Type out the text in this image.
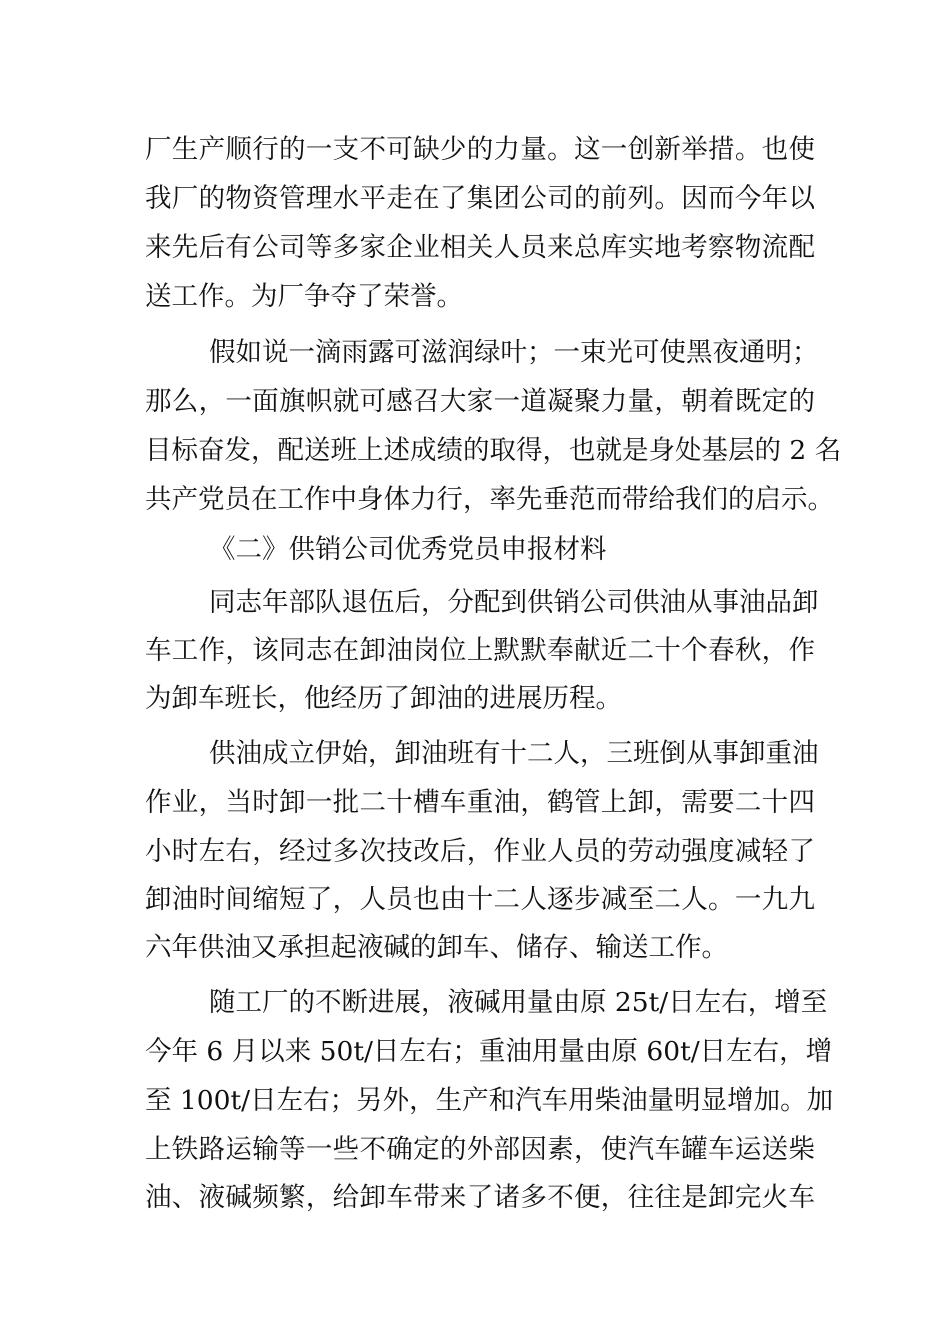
厂生产顺行的一支不可缺少的力量。这一创新举措。也使
我厂的物资管理水平走在了集团公司的前列。因而今年以
来先后有公司等多家企业相关人员来总库实地考察物流配
送工作。为厂争夺了荣誉。
假如说一滴雨露可滋润绿叶；一束光可使黑夜通明；
那么，一面旗帜就可感召大家一道凝聚力量，朝着既定的
目标奋发，配送班上述成绩的取得，也就是身处基层的 2 名
共产党员在工作中身体力行，率先垂范而带给我们的启示。
《二》供销公司优秀党员申报材料
同志年部队退伍后，分配到供销公司供油从事油品卸
车工作，该同志在卸油岗位上默默奉献近二十个春秋，作
为卸车班长，他经历了卸油的进展历程。
供油成立伊始，卸油班有十二人，三班倒从事卸重油
作业，当时卸一批二十槽车重油，鹤管上卸，需要二十四
小时左右，经过多次技改后，作业人员的劳动强度减轻了
卸油时间缩短了，人员也由十二人逐步减至二人。一九九
六年供油又承担起液碱的卸车、储存、输送工作。
随工厂的不断进展，液碱用量由原 25t/日左右，增至
今年 6 月以来 50t/日左右；重油用量由原 60t/日左右，增
至 100t/日左右；另外，生产和汽车用柴油量明显增加。加
上铁路运输等一些不确定的外部因素，使汽车罐车运送柴
油、液碱频繁，给卸车带来了诸多不便，往往是卸完火车
